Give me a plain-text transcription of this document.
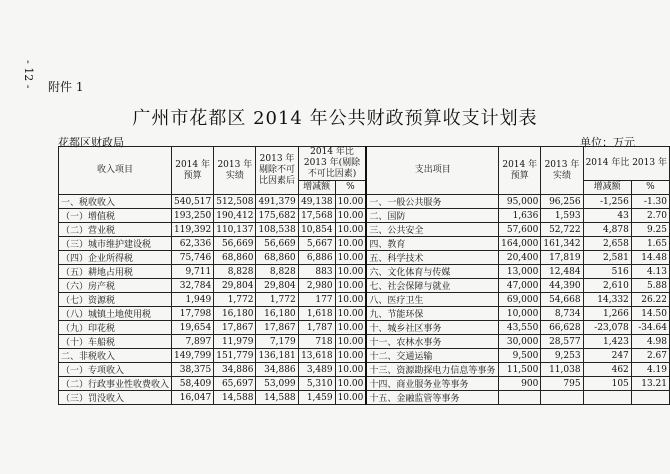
- 12 - 附件 1
广州市花都区 2014 年公共财政预算收支计划表
花都区财政局	单位：万元
收入项目	2014 年预算	2013 年实绩	2013 年剔除不可比因素后	2014 年比 2013 年(剔除不可比因素)		支出项目	2014 年预算	2013 年实绩	2014 年比 2013 年	
				增减额	%				增减额	%
一、税收收入	540,517	512,508	491,379	49,138	10.00	一、一般公共服务	95,000	96,256	-1,256	-1.30
（一）增值税	193,250	190,412	175,682	17,568	10.00	二、国防	1,636	1,593	43	2.70
（二）营业税	119,392	110,137	108,538	10,854	10.00	三、公共安全	57,600	52,722	4,878	9.25
（三）城市维护建设税	62,336	56,669	56,669	5,667	10.00	四、教育	164,000	161,342	2,658	1.65
（四）企业所得税	75,746	68,860	68,860	6,886	10.00	五、科学技术	20,400	17,819	2,581	14.48
（五）耕地占用税	9,711	8,828	8,828	883	10.00	六、文化体育与传媒	13,000	12,484	516	4.13
（六）房产税	32,784	29,804	29,804	2,980	10.00	七、社会保障与就业	47,000	44,390	2,610	5.88
（七）资源税	1,949	1,772	1,772	177	10.00	八、医疗卫生	69,000	54,668	14,332	26.22
（八）城镇土地使用税	17,798	16,180	16,180	1,618	10.00	九、节能环保	10,000	8,734	1,266	14.50
（九）印花税	19,654	17,867	17,867	1,787	10.00	十、城乡社区事务	43,550	66,628	-23,078	-34.64
（十）车船税	7,897	11,979	7,179	718	10.00	十一、农林水事务	30,000	28,577	1,423	4.98
二、非税收入	149,799	151,779	136,181	13,618	10.00	十二、交通运输	9,500	9,253	247	2.67
（一）专项收入	38,375	34,886	34,886	3,489	10.00	十三、资源勘探电力信息等事务	11,500	11,038	462	4.19
（二）行政事业性收费收入	58,409	65,697	53,099	5,310	10.00	十四、商业服务业等事务	900	795	105	13.21
（三）罚没收入	16,047	14,588	14,588	1,459	10.00	十五、金融监管等事务				
